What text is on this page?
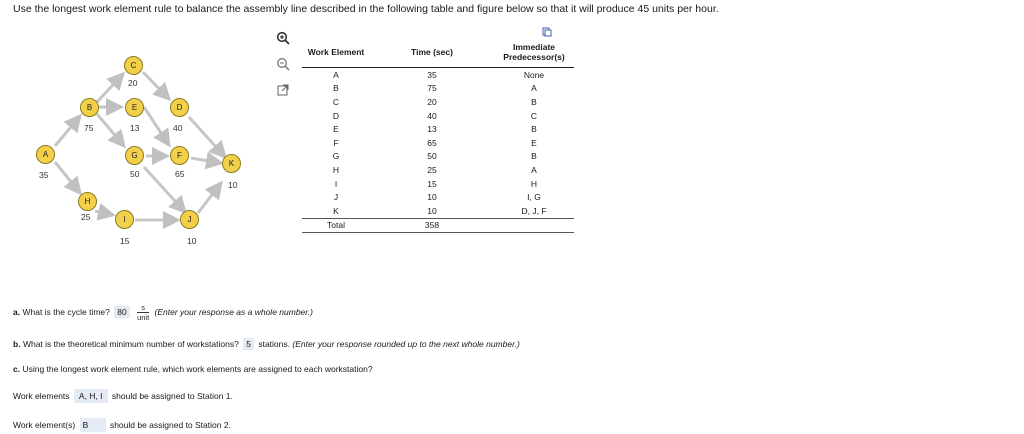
Use the longest work element rule to balance the assembly line described in the following table and figure below so that it will produce 45 units per hour.
C
20
B
75
E
13
D
40
A
35
G
50
F
65
K
10
H
25	I
15
J
10
Work Element	Time (sec)	Immediate Predecessor(s)
A	35	None
B	75	A
C	20	B
D	40	C
E	13	B
F	65	E
G	50	B
H	25	A
I	15	H
J	10	I, G
K	10	D, J, F
Total	358	
a. What is the cycle time? $80 \frac{s}{\text{unit}}$ (Enter your response as a whole number.)
b. What is the theoretical minimum number of workstations? 5 stations. (Enter your response rounded up to the next whole number.)
c. Using the longest work element rule, which work elements are assigned to each workstation?
Work elements A, H, I should be assigned to Station 1.
Work element(s) B	should be assigned to Station 2.
